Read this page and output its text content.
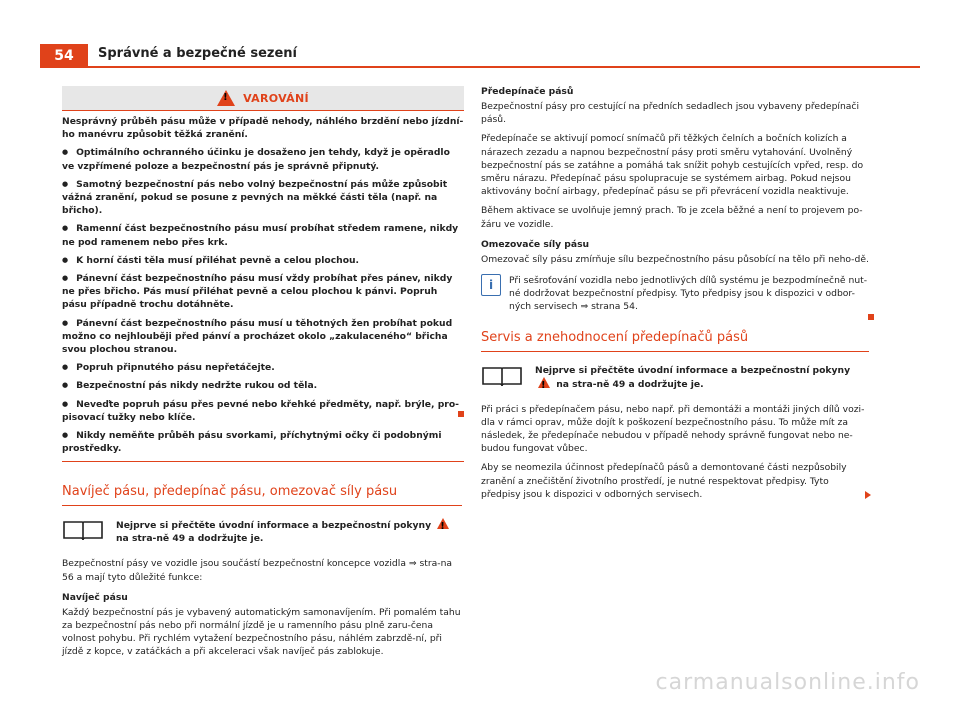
54	Správné a bezpečné sezení
!
VAROVÁNÍ

Nesprávný průběh pásu může v případě nehody, náhlého brzdění nebo jízdní-ho manévru způsobit těžká zranění.

● Optimálního ochranného účinku je dosaženo jen tehdy, když je opěradlo ve vzpřímené poloze a bezpečnostní pás je správně připnutý.

● Samotný bezpečnostní pás nebo volný bezpečnostní pás může způsobit vážná zranění, pokud se posune z pevných na měkké části těla (např. na břicho).

● Ramenní část bezpečnostního pásu musí probíhat středem ramene, nikdy ne pod ramenem nebo přes krk.

● K horní části těla musí přiléhat pevně a celou plochou.

● Pánevní část bezpečnostního pásu musí vždy probíhat přes pánev, nikdy ne přes břicho. Pás musí přiléhat pevně a celou plochou k pánvi. Popruh pásu případně trochu dotáhněte.

● Pánevní část bezpečnostního pásu musí u těhotných žen probíhat pokud možno co nejhlouběji před pánví a procházet okolo „zakulaceného“ břicha svou plochou stranou.

● Popruh připnutého pásu nepřetáčejte.

● Bezpečnostní pás nikdy nedržte rukou od těla.

● Neveďte popruh pásu přes pevné nebo křehké předměty, např. brýle, pro-pisovací tužky nebo klíče.

● Nikdy neměňte průběh pásu svorkami, příchytnými očky či podobnými prostředky.

Navíječ pásu, předepínač pásu, omezovač síly pásu
Nejprve si přečtěte úvodní informace a bezpečnostní pokyny ! na stra-ně 49 a dodržujte je.

Bezpečnostní pásy ve vozidle jsou součástí bezpečnostní koncepce vozidla ⇒ stra-na 56 a mají tyto důležité funkce:

Navíječ pásu

Každý bezpečnostní pás je vybavený automatickým samonavíjením. Při pomalém tahu za bezpečnostní pás nebo při normální jízdě je u ramenního pásu plně zaru-čena volnost pohybu. Při rychlém vytažení bezpečnostního pásu, náhlém zabrzdě-ní, při jízdě z kopce, v zatáčkách a při akceleraci však navíječ pás zablokuje.

Předepínače pásů

Bezpečnostní pásy pro cestující na předních sedadlech jsou vybaveny předepínači pásů.

Předepínače se aktivují pomocí snímačů při těžkých čelních a bočních kolizích a nárazech zezadu a napnou bezpečnostní pásy proti směru vytahování. Uvolněný bezpečnostní pás se zatáhne a pomáhá tak snížit pohyb cestujících vpřed, resp. do směru nárazu. Předepínač pásu spolupracuje se systémem airbag. Pokud nejsou aktivovány boční airbagy, předepínač pásu se při převrácení vozidla neaktivuje.

Během aktivace se uvolňuje jemný prach. To je zcela běžné a není to projevem po-žáru ve vozidle.

Omezovače síly pásu

Omezovač síly pásu zmírňuje sílu bezpečnostního pásu působící na tělo při neho-dě.

i	Při sešroťování vozidla nebo jednotlivých dílů systému je bezpodmínečně nut-né dodržovat bezpečnostní předpisy. Tyto předpisy jsou k dispozici v odbor-ných servisech ⇒ strana 54.

Servis a znehodnocení předepínačů pásů
Nejprve si přečtěte úvodní informace a bezpečnostní pokyny ! na stra-ně 49 a dodržujte je.

Při práci s předepínačem pásu, nebo např. při demontáži a montáži jiných dílů vozi-dla v rámci oprav, může dojít k poškození bezpečnostního pásu. To může mít za následek, že předepínače nebudou v případě nehody správně fungovat nebo ne-budou fungovat vůbec.

Aby se neomezila účinnost předepínačů pásů a demontované části nezpůsobily zranění a znečištění životního prostředí, je nutné respektovat předpisy. Tyto předpisy jsou k dispozici v odborných servisech.

carmanualsonline.info
